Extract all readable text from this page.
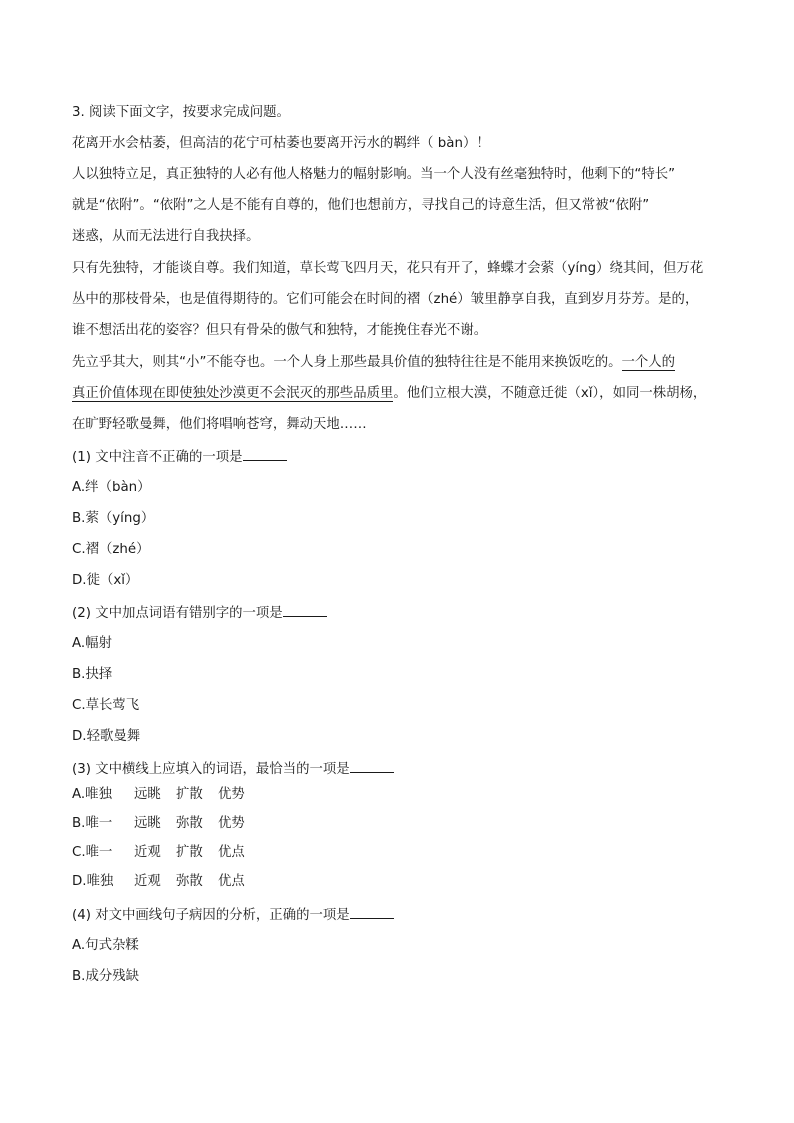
3. 阅读下面文字，按要求完成问题。
花离开水会枯萎，但高洁的花宁可枯萎也要离开污水的羁绊（ bàn）！
人以独特立足，真正独特的人必有他人格魅力的幅射影响。当一个人没有丝毫独特时，他剩下的“特长”
就是“依附”。“依附”之人是不能有自尊的，他们也想前方，寻找自己的诗意生活，但又常被“依附”
迷惑，从而无法进行自我抉择。
只有先独特，才能谈自尊。我们知道，草长莺飞四月天，花只有开了，蜂蝶才会萦（yíng）绕其间，但万花
丛中的那枝骨朵，也是值得期待的。它们可能会在时间的褶（zhé）皱里静享自我，直到岁月芬芳。是的，
谁不想活出花的姿容？但只有骨朵的傲气和独特，才能挽住春光不谢。
先立乎其大，则其“小”不能夺也。一个人身上那些最具价值的独特往往是不能用来换饭吃的。一个人的
真正价值体现在即使独处沙漠更不会泯灭的那些品质里。他们立根大漠，不随意迁徙（xǐ），如同一株胡杨，
在旷野轻歌曼舞，他们将唱响苍穹，舞动天地……
(1) 文中注音不正确的一项是
A.绊（bàn）
B.萦（yíng）
C.褶（zhé）
D.徙（xǐ）
(2) 文中加点词语有错别字的一项是
A.幅射
B.抉择
C.草长莺飞
D.轻歌曼舞
(3) 文中横线上应填入的词语，最恰当的一项是
A.唯独 远眺 扩散 优势
B.唯一 远眺 弥散 优势
C.唯一 近观 扩散 优点
D.唯独 近观 弥散 优点
(4) 对文中画线句子病因的分析，正确的一项是
A.句式杂糅
B.成分残缺
